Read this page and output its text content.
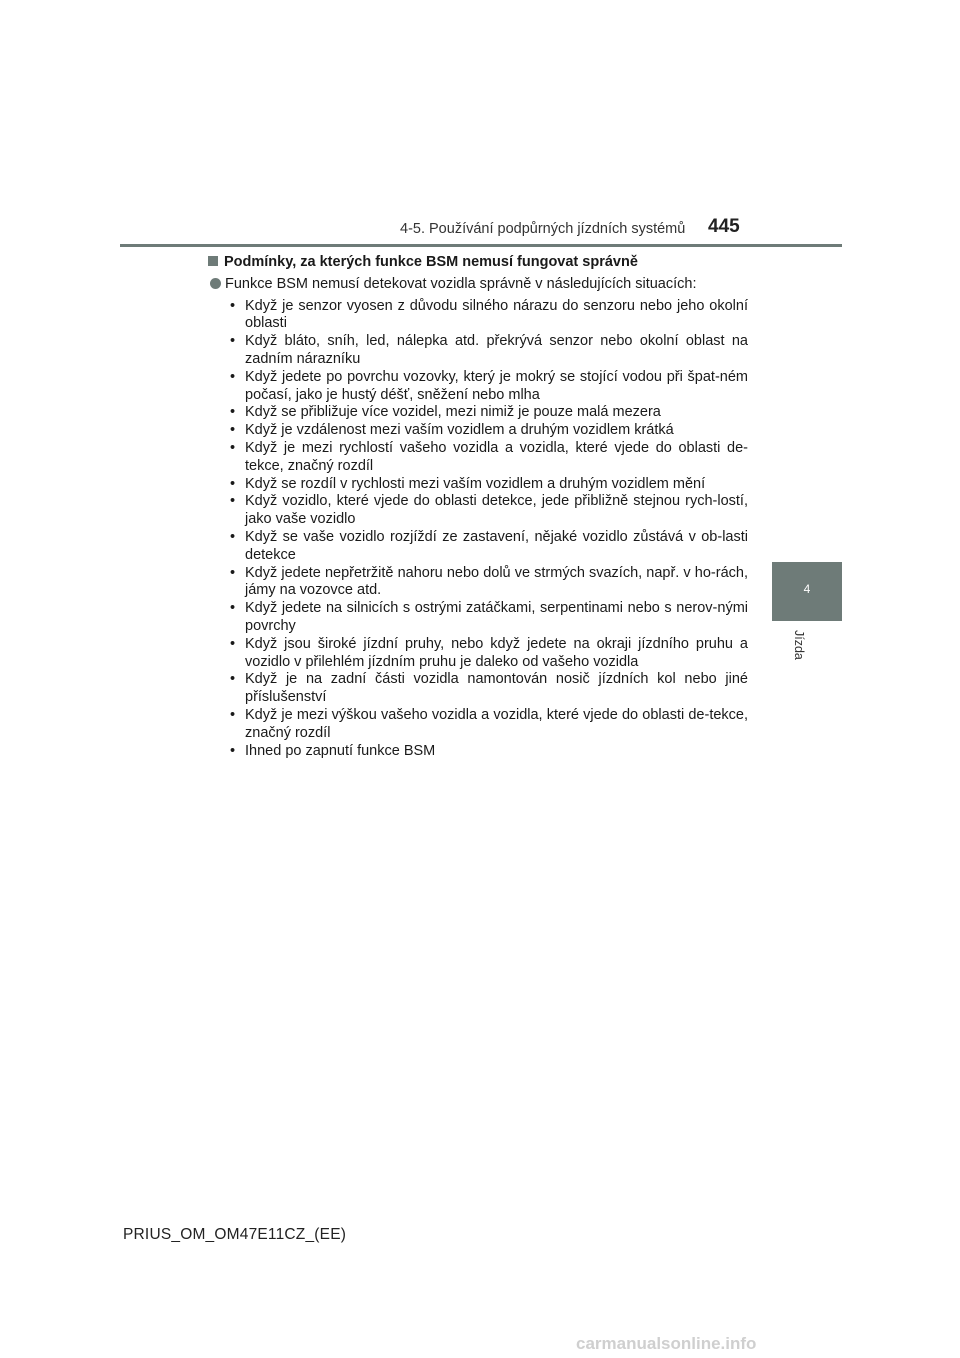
4-5. Používání podpůrných jízdních systémů	445
4
Jízda
Podmínky, za kterých funkce BSM nemusí fungovat správně
Funkce BSM nemusí detekovat vozidla správně v následujících situacích:
• Když je senzor vyosen z důvodu silného nárazu do senzoru nebo jeho okolní oblasti
• Když bláto, sníh, led, nálepka atd. překrývá senzor nebo okolní oblast na zadním nárazníku
• Když jedete po povrchu vozovky, který je mokrý se stojící vodou při špat-ném počasí, jako je hustý déšť, sněžení nebo mlha
• Když se přibližuje více vozidel, mezi nimiž je pouze malá mezera
• Když je vzdálenost mezi vaším vozidlem a druhým vozidlem krátká
• Když je mezi rychlostí vašeho vozidla a vozidla, které vjede do oblasti de-tekce, značný rozdíl
• Když se rozdíl v rychlosti mezi vaším vozidlem a druhým vozidlem mění
• Když vozidlo, které vjede do oblasti detekce, jede přibližně stejnou rych-lostí, jako vaše vozidlo
• Když se vaše vozidlo rozjíždí ze zastavení, nějaké vozidlo zůstává v ob-lasti detekce
• Když jedete nepřetržitě nahoru nebo dolů ve strmých svazích, např. v ho-rách, jámy na vozovce atd.
• Když jedete na silnicích s ostrými zatáčkami, serpentinami nebo s nerov-nými povrchy
• Když jsou široké jízdní pruhy, nebo když jedete na okraji jízdního pruhu a vozidlo v přilehlém jízdním pruhu je daleko od vašeho vozidla
• Když je na zadní části vozidla namontován nosič jízdních kol nebo jiné příslušenství
• Když je mezi výškou vašeho vozidla a vozidla, které vjede do oblasti de-tekce, značný rozdíl
• Ihned po zapnutí funkce BSM
PRIUS_OM_OM47E11CZ_(EE)
carmanualsonline.info
